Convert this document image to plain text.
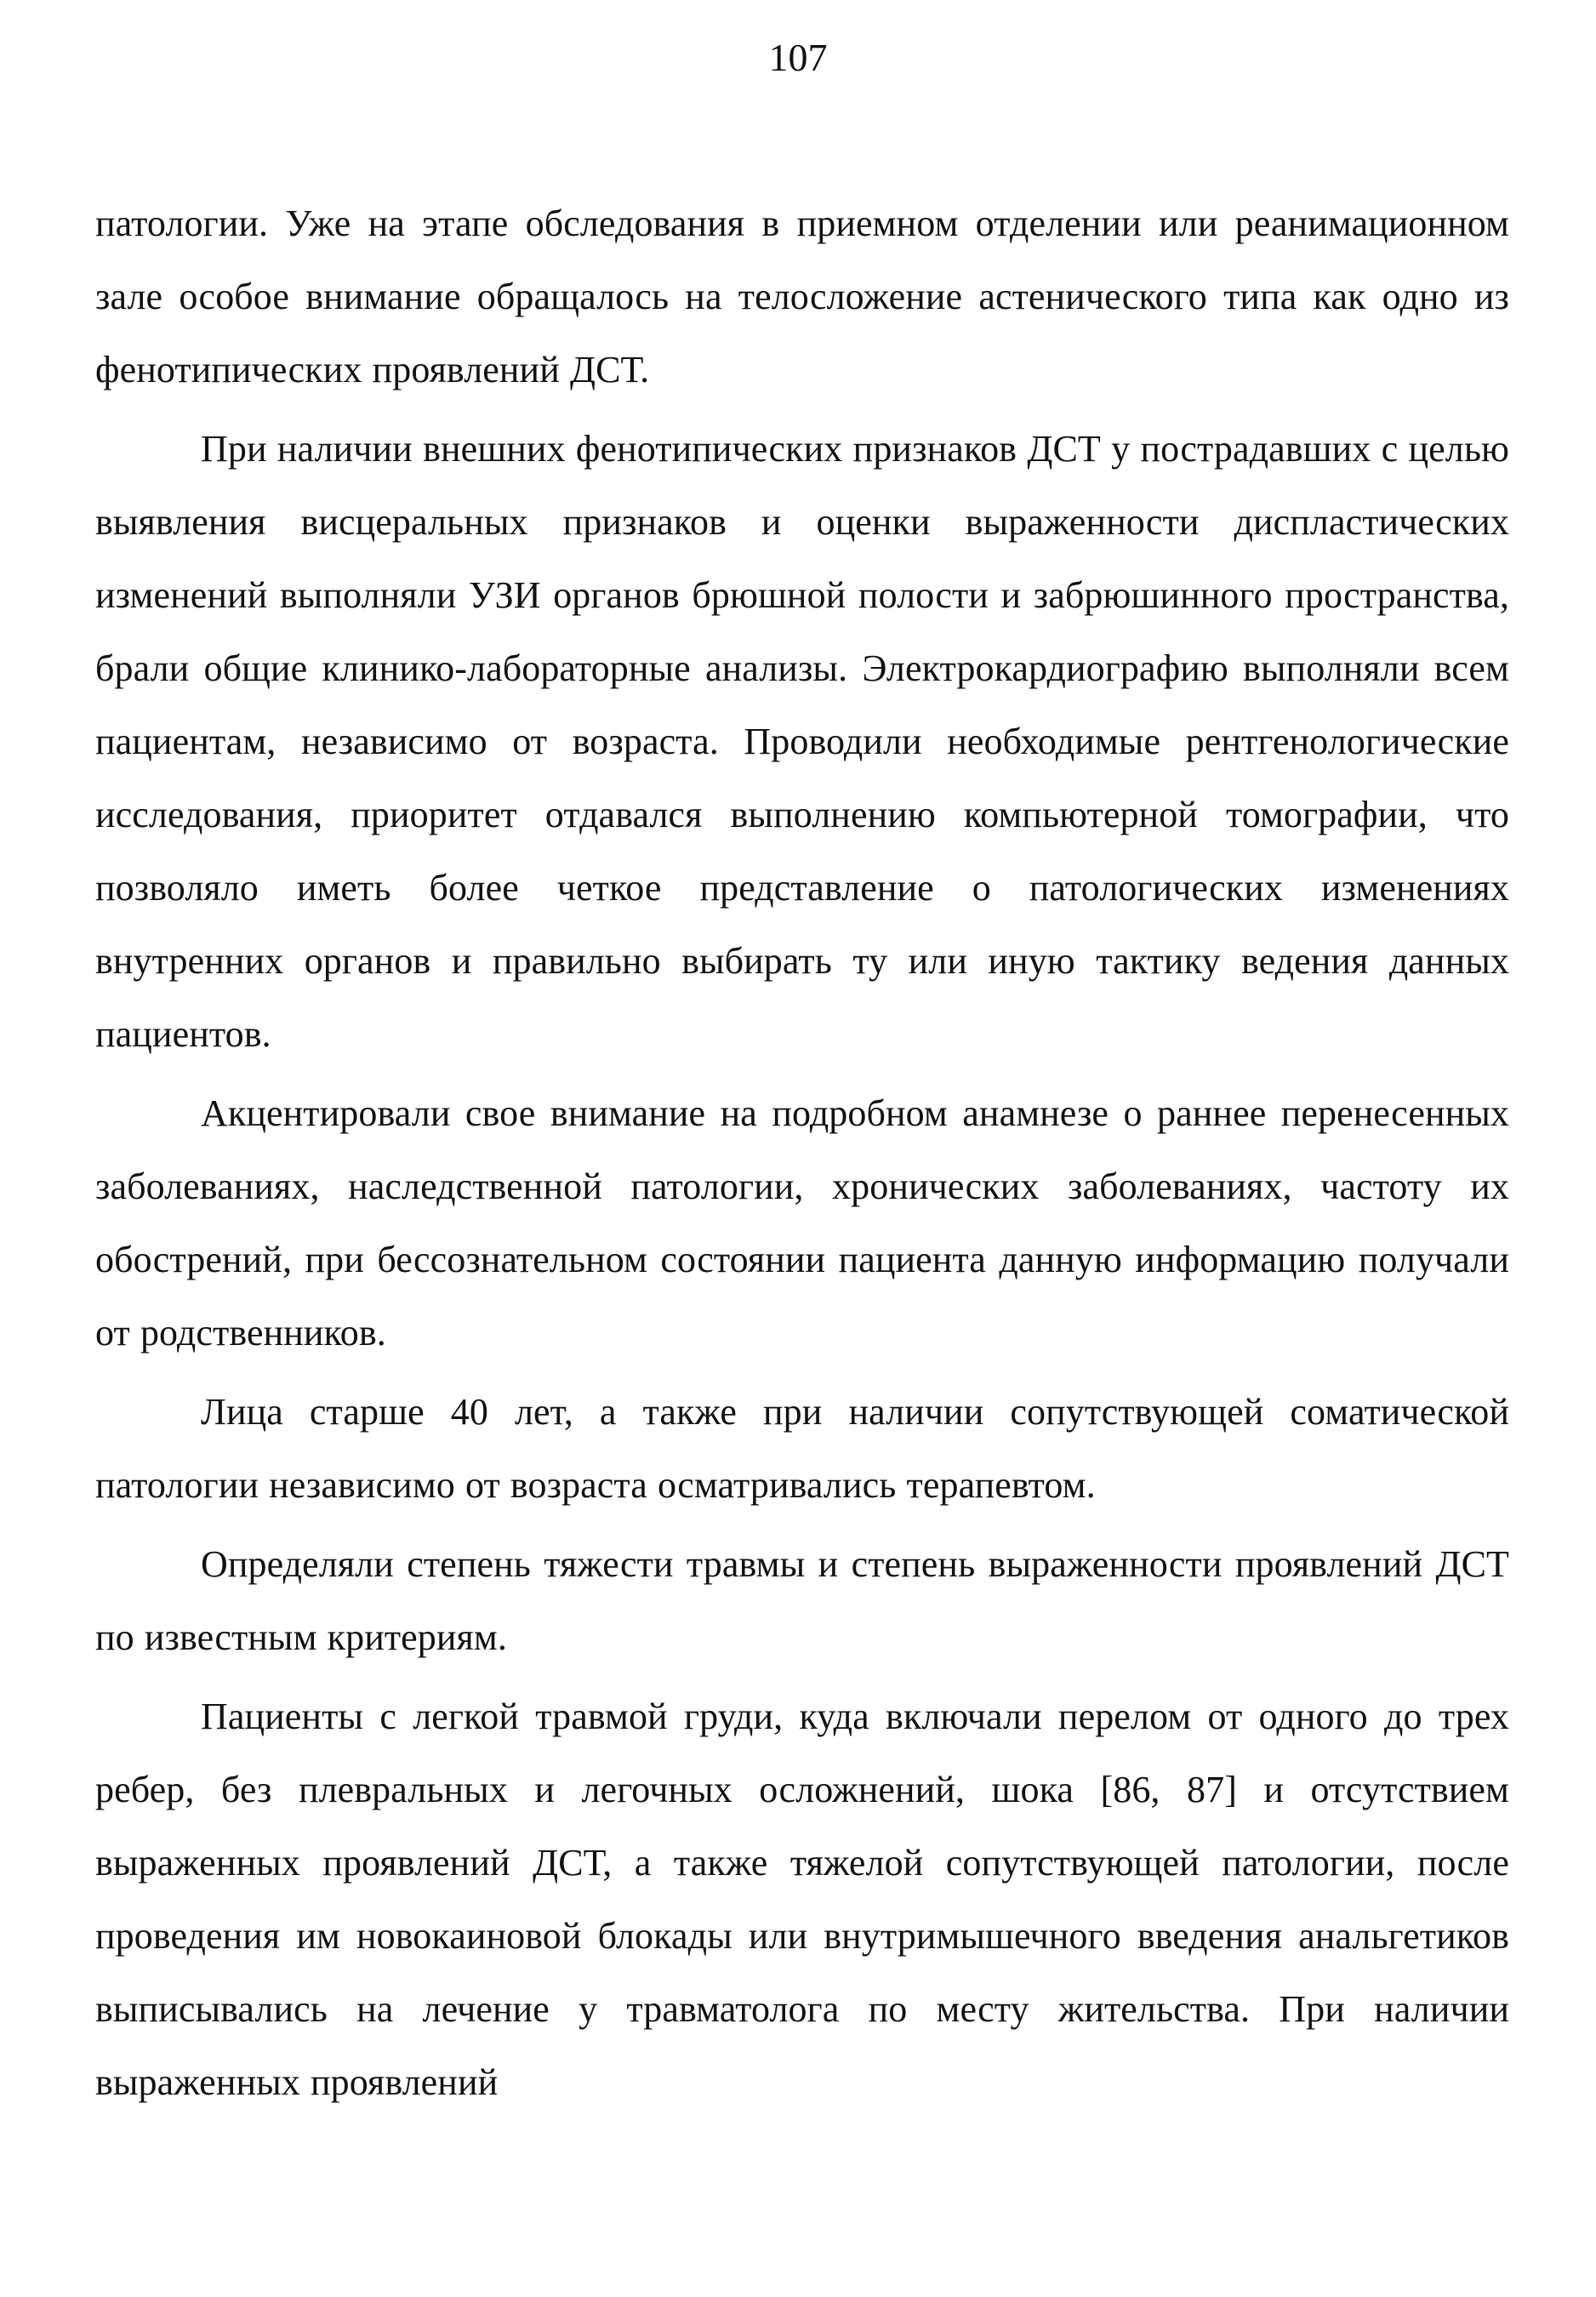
107

патологии. Уже на этапе обследования в приемном отделении или реанимационном зале особое внимание обращалось на телосложение астенического типа как одно из фенотипических проявлений ДСТ.

При наличии внешних фенотипических признаков ДСТ у пострадавших с целью выявления висцеральных признаков и оценки выраженности диспластических изменений выполняли УЗИ органов брюшной полости и забрюшинного пространства, брали общие клинико-лабораторные анализы. Электрокардиографию выполняли всем пациентам, независимо от возраста. Проводили необходимые рентгенологические исследования, приоритет отдавался выполнению компьютерной томографии, что позволяло иметь более четкое представление о патологических изменениях внутренних органов и правильно выбирать ту или иную тактику ведения данных пациентов.

Акцентировали свое внимание на подробном анамнезе о раннее перенесенных заболеваниях, наследственной патологии, хронических заболеваниях, частоту их обострений, при бессознательном состоянии пациента данную информацию получали от родственников.

Лица старше 40 лет, а также при наличии сопутствующей соматической патологии независимо от возраста осматривались терапевтом.

Определяли степень тяжести травмы и степень выраженности проявлений ДСТ по известным критериям.

Пациенты с легкой травмой груди, куда включали перелом от одного до трех ребер, без плевральных и легочных осложнений, шока [86, 87] и отсутствием выраженных проявлений ДСТ, а также тяжелой сопутствующей патологии, после проведения им новокаиновой блокады или внутримышечного введения анальгетиков выписывались на лечение у травматолога по месту жительства. При наличии выраженных проявлений
